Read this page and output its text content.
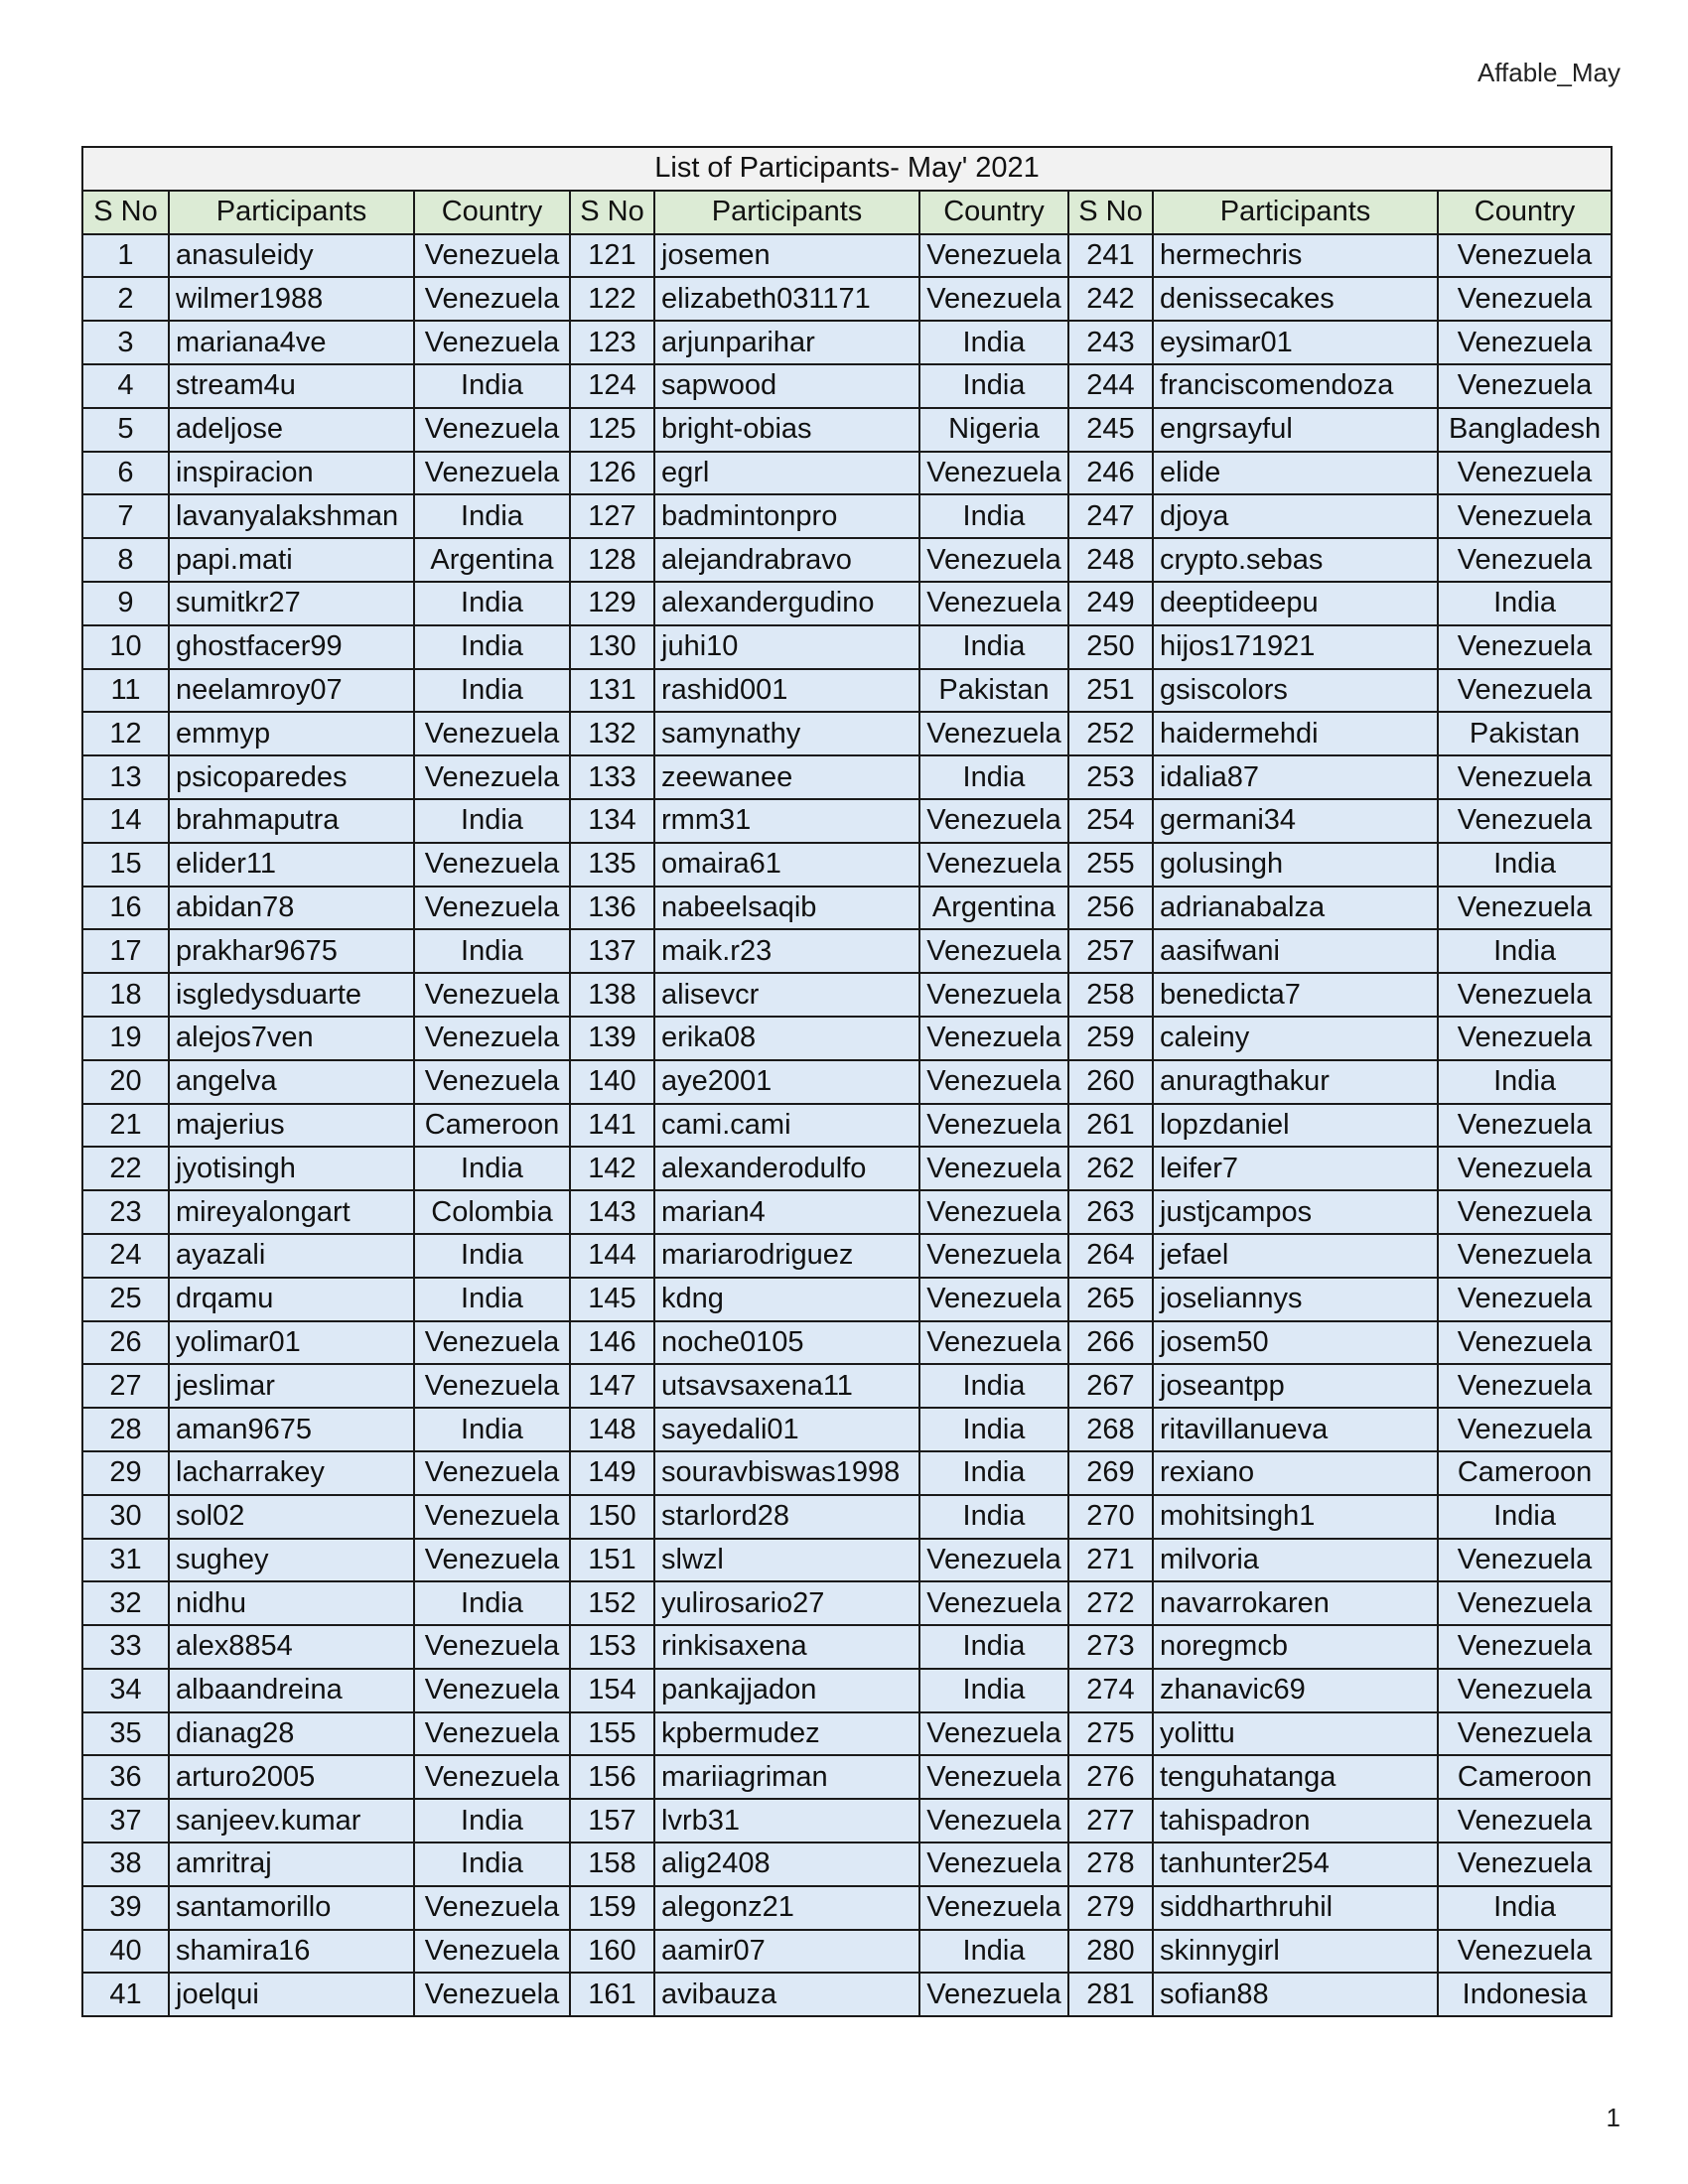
Affable_May
List of Participants- May' 2021								
S No	Participants	Country	S No	Participants	Country	S No	Participants	Country
1	anasuleidy	Venezuela	121	josemen	Venezuela	241	hermechris	Venezuela
2	wilmer1988	Venezuela	122	elizabeth031171	Venezuela	242	denissecakes	Venezuela
3	mariana4ve	Venezuela	123	arjunparihar	India	243	eysimar01	Venezuela
4	stream4u	India	124	sapwood	India	244	franciscomendoza	Venezuela
5	adeljose	Venezuela	125	bright-obias	Nigeria	245	engrsayful	Bangladesh
6	inspiracion	Venezuela	126	egrl	Venezuela	246	elide	Venezuela
7	lavanyalakshman	India	127	badmintonpro	India	247	djoya	Venezuela
8	papi.mati	Argentina	128	alejandrabravo	Venezuela	248	crypto.sebas	Venezuela
9	sumitkr27	India	129	alexandergudino	Venezuela	249	deeptideepu	India
10	ghostfacer99	India	130	juhi10	India	250	hijos171921	Venezuela
11	neelamroy07	India	131	rashid001	Pakistan	251	gsiscolors	Venezuela
12	emmyp	Venezuela	132	samynathy	Venezuela	252	haidermehdi	Pakistan
13	psicoparedes	Venezuela	133	zeewanee	India	253	idalia87	Venezuela
14	brahmaputra	India	134	rmm31	Venezuela	254	germani34	Venezuela
15	elider11	Venezuela	135	omaira61	Venezuela	255	golusingh	India
16	abidan78	Venezuela	136	nabeelsaqib	Argentina	256	adrianabalza	Venezuela
17	prakhar9675	India	137	maik.r23	Venezuela	257	aasifwani	India
18	isgledysduarte	Venezuela	138	alisevcr	Venezuela	258	benedicta7	Venezuela
19	alejos7ven	Venezuela	139	erika08	Venezuela	259	caleiny	Venezuela
20	angelva	Venezuela	140	aye2001	Venezuela	260	anuragthakur	India
21	majerius	Cameroon	141	cami.cami	Venezuela	261	lopzdaniel	Venezuela
22	jyotisingh	India	142	alexanderodulfo	Venezuela	262	leifer7	Venezuela
23	mireyalongart	Colombia	143	marian4	Venezuela	263	justjcampos	Venezuela
24	ayazali	India	144	mariarodriguez	Venezuela	264	jefael	Venezuela
25	drqamu	India	145	kdng	Venezuela	265	joseliannys	Venezuela
26	yolimar01	Venezuela	146	noche0105	Venezuela	266	josem50	Venezuela
27	jeslimar	Venezuela	147	utsavsaxena11	India	267	joseantpp	Venezuela
28	aman9675	India	148	sayedali01	India	268	ritavillanueva	Venezuela
29	lacharrakey	Venezuela	149	souravbiswas1998	India	269	rexiano	Cameroon
30	sol02	Venezuela	150	starlord28	India	270	mohitsingh1	India
31	sughey	Venezuela	151	slwzl	Venezuela	271	milvoria	Venezuela
32	nidhu	India	152	yulirosario27	Venezuela	272	navarrokaren	Venezuela
33	alex8854	Venezuela	153	rinkisaxena	India	273	noregmcb	Venezuela
34	albaandreina	Venezuela	154	pankajjadon	India	274	zhanavic69	Venezuela
35	dianag28	Venezuela	155	kpbermudez	Venezuela	275	yolittu	Venezuela
36	arturo2005	Venezuela	156	mariiagriman	Venezuela	276	tenguhatanga	Cameroon
37	sanjeev.kumar	India	157	lvrb31	Venezuela	277	tahispadron	Venezuela
38	amritraj	India	158	alig2408	Venezuela	278	tanhunter254	Venezuela
39	santamorillo	Venezuela	159	alegonz21	Venezuela	279	siddharthruhil	India
40	shamira16	Venezuela	160	aamir07	India	280	skinnygirl	Venezuela
41	joelqui	Venezuela	161	avibauza	Venezuela	281	sofian88	Indonesia
1
